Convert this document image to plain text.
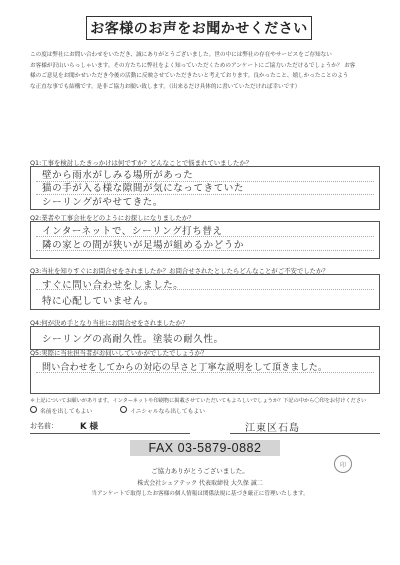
お客様のお声をお聞かせください
この度は弊社にお問い合わせをいただき、誠にありがとうございました。世の中には弊社の存在やサービスをご存知ない
お客様が沢山いらっしゃいます。その方たちに弊社をよく知っていただくためのアンケートにご協力いただけるでしょうか？ お客
様のご意見をお聞かせいただき今後の活動に反映させていただきたいと考えております。良かったこと、嬉しかったことのよう
な正直な事でも結構です。是非ご協力お願い致します。（出来るだけ具体的に書いていただければ幸いです）
Q1:工事を検討したきっかけは何ですか？どんなことで悩まれていましたか？
壁から雨水がしみる場所があった
猫の手が入る様な隙間が気になってきていた
シーリングがやせてきた。
Q2:業者や工事会社をどのようにお探しになりましたか？
インターネットで、シーリング打ち替え
隣の家との間が狭いが足場が組めるかどうか
Q3:当社を知りすぐにお問合せをされましたか？お問合せされたとしたらどんなことがご不安でしたか？
すぐに問い合わせをしました。
特に心配していません。
Q4:何が決め手となり当社にお問合せをされましたか？
シーリングの高耐久性。塗装の耐久性。
Q5:実際に当社担当者がお伺いしていかがでしたでしょうか？
問い合わせをしてからの対応の早さと丁寧な説明をして頂きました。
＊上記についてお願いがあります。インターネットや印刷物に掲載させていただいてもよろしいでしょうか？下記の中から〇印をお付けください
名前を出してもよい	イニシャルなら出してもよい
お名前：	K 様	江東区石島
FAX 03-5879-0882
印
ご協力ありがとうございました。
株式会社シェアテック 代表取締役 大久保 誠二
当アンケートで取得したお客様の個人情報は関係法規に基づき厳正に管理いたします。
